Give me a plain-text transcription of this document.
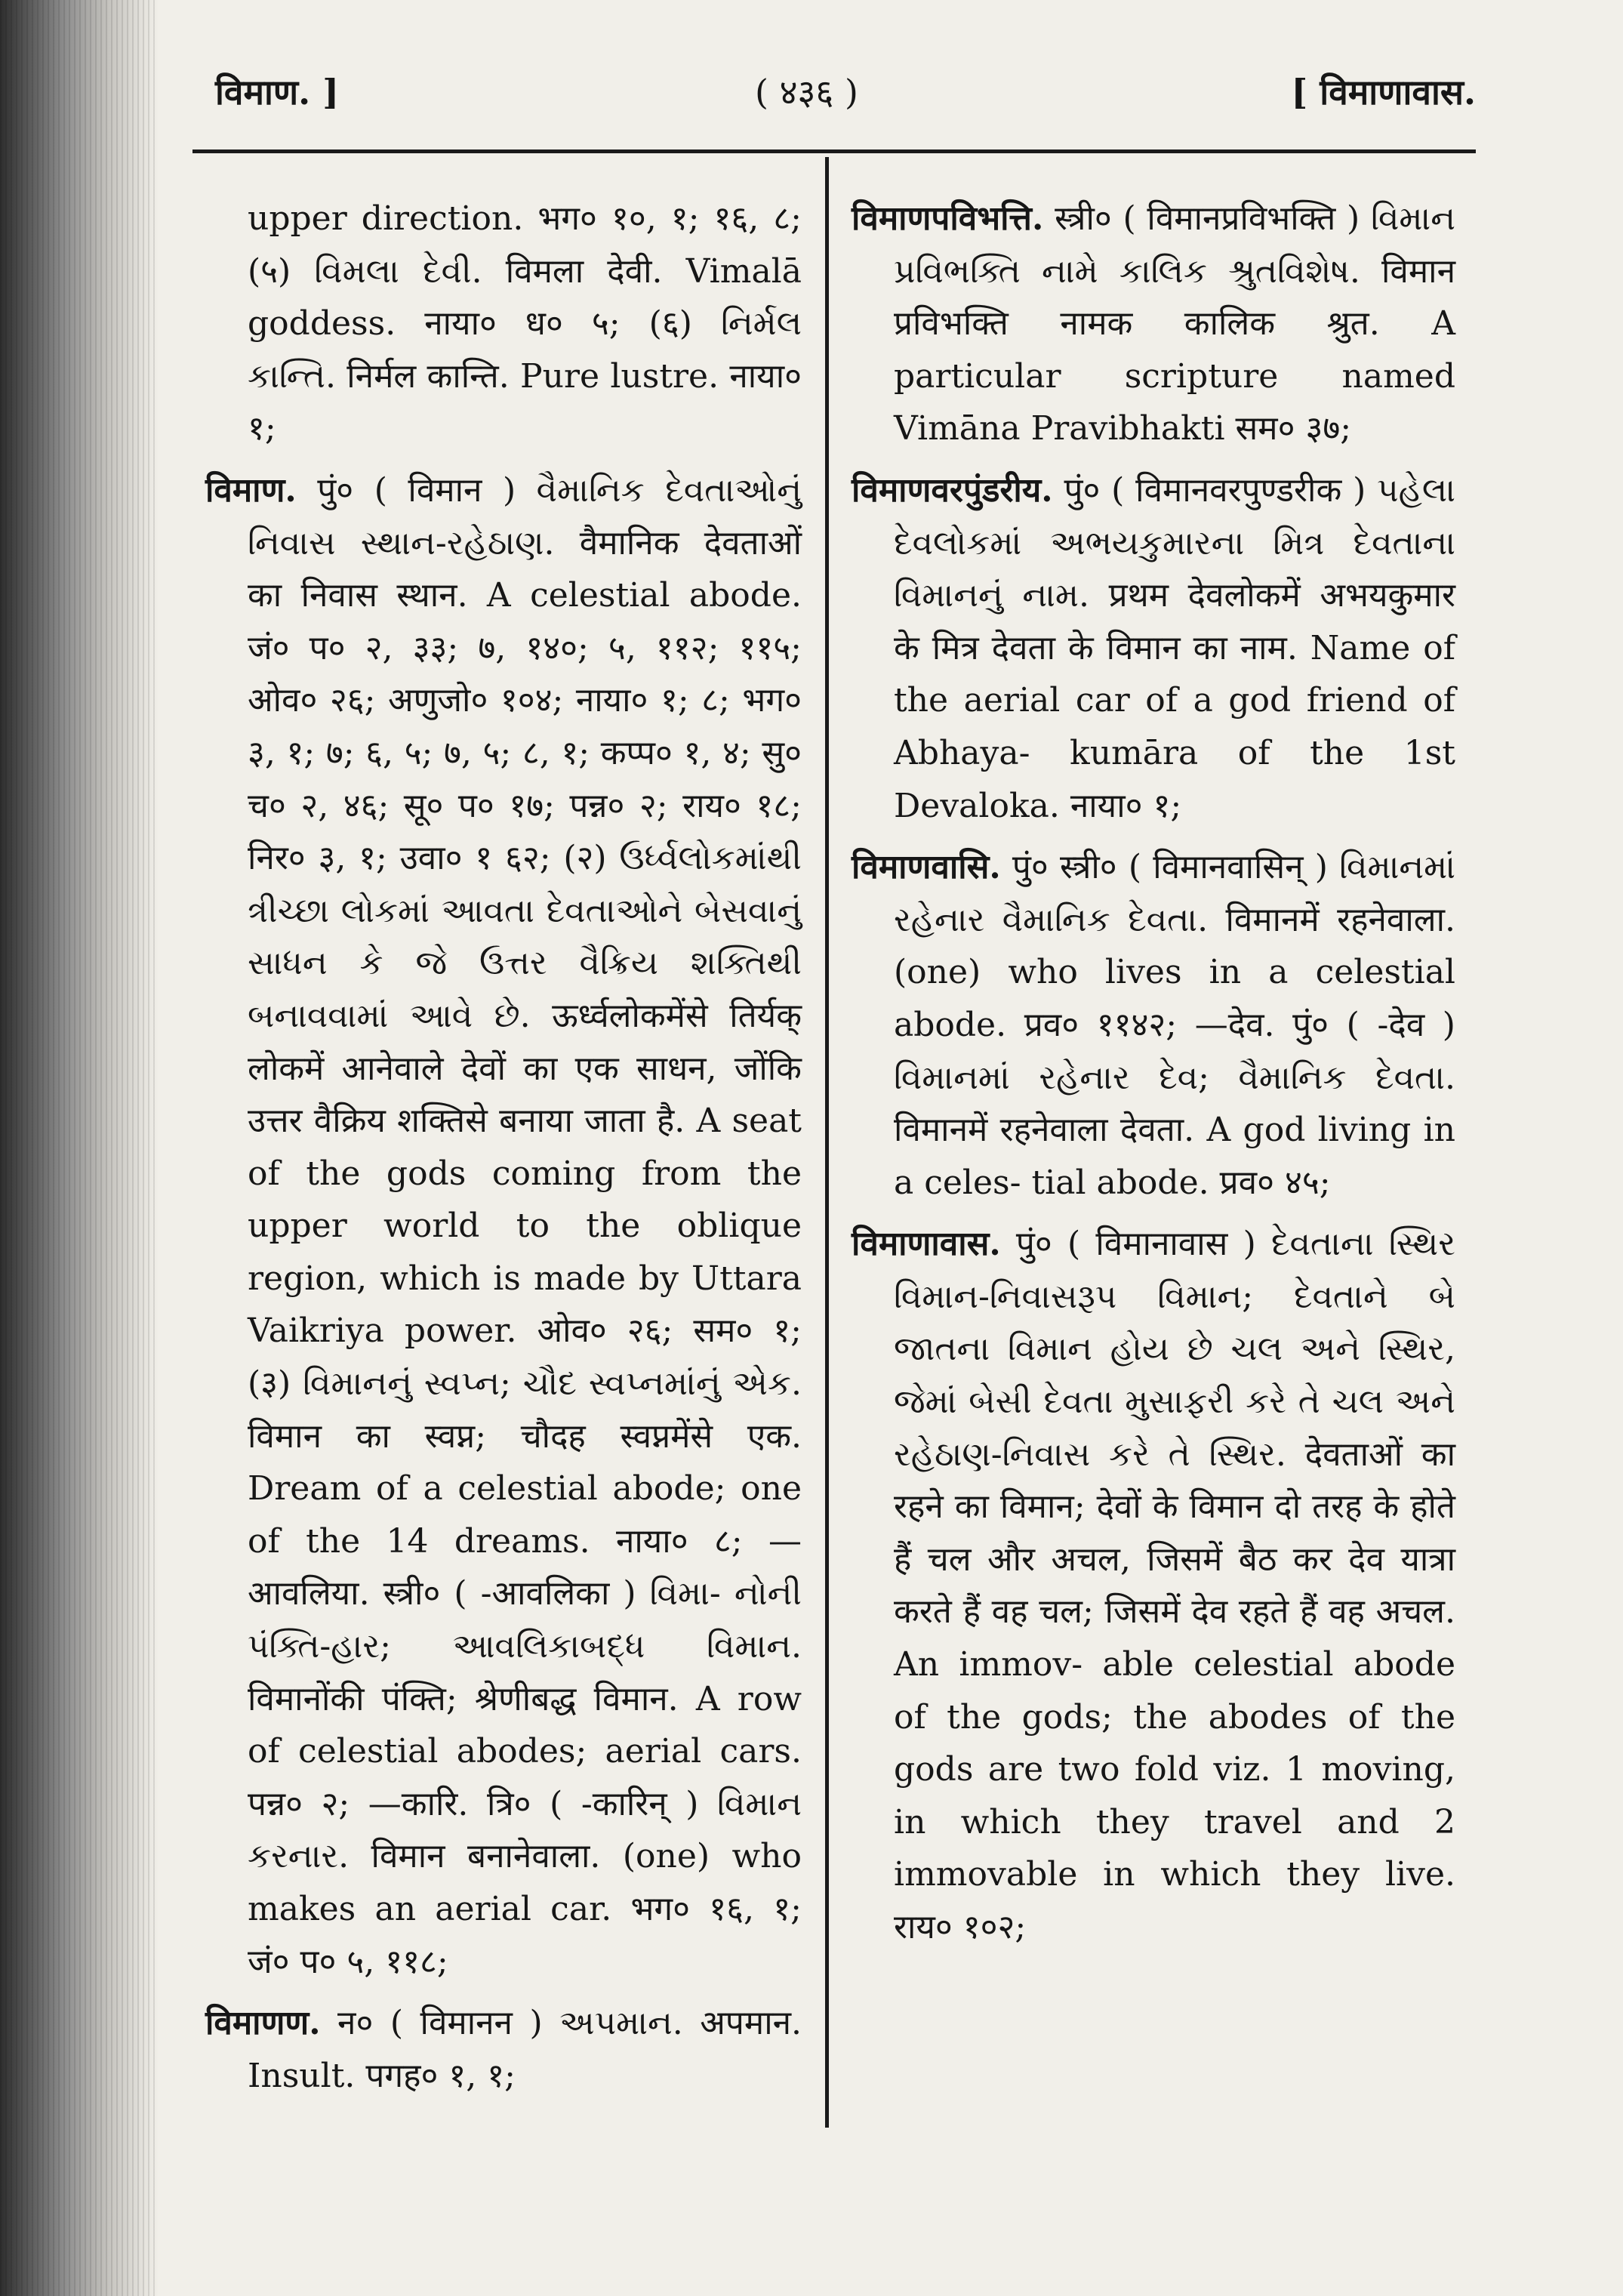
विमाण. ]	( ४३६ )	[ विमाणावास.

upper direction. भग० १०, १; १६, ८; (५) વિમલા દેવી. विमला देवी. Vimalā goddess. नाया० ध० ५; (६) નિર્મલ કાન્તિ. निर्मल कान्ति. Pure lustre. नाया० १;

विमाण. पुं० ( विमान ) વૈમાનિક દેવતાઓનું નિવાસ સ્થાન-રહેઠાણ. वैमानिक देवताओं का निवास स्थान. A celestial abode. जं० प० २, ३३; ७, १४०; ५, ११२; ११५; ओव० २६; अणुजो० १०४; नाया० १; ८; भग० ३, १; ७; ६, ५; ७, ५; ८, १; कप्प० १, ४; सु० च० २, ४६; सू० प० १७; पन्न० २; राय० १८; निर० ३, १; उवा० १ ६२; (२) ઉર્ધ્વલોકમાંથી ત્રીચ્છા લોકમાં આવતા દેવતાઓને બેસવાનું સાધન કે જે ઉત્તર વૈક્રિય શક્તિથી બનાવવામાં આવે છે. ऊर्ध्वलोकमेंसे तिर्यक् लोकमें आनेवाले देवों का एक साधन, जोंकि उत्तर वैक्रिय शक्तिसे बनाया जाता है. A seat of the gods coming from the upper world to the oblique region, which is made by Uttara Vaikriya power. ओव० २६; सम० १; (३) વિમાનનું સ્વપ્ન; ચૌદ સ્વપ્નમાંનું એક. विमान का स्वप्न; चौदह स्वप्नमेंसे एक. Dream of a celestial abode; one of the 14 dreams. नाया० ८; —आवलिया. स्त्री० ( -आवलिका ) વિમા- નોની પંક્તિ-હાર; આવલિકાબદ્ધ વિમાન. विमानोंकी पंक्ति; श्रेणीबद्ध विमान. A row of celestial abodes; aerial cars. पन्न० २; —कारि. त्रि० ( -कारिन् ) વિમાન કરનાર. विमान बनानेवाला. (one) who makes an aerial car. भग० १६, १; जं० प० ५, ११८;

विमाणण. न० ( विमानन ) અપમાન. अपमान. Insult. पगह० १, १;

विमाणपविभत्ति. स्त्री० ( विमानप्रविभक्ति ) વિમાન પ્રવિભક્તિ નામે કાલિક શ્રુતવિશેષ. विमान प्रविभक्ति नामक कालिक श्रुत. A particular scripture named Vimāna Pravibhakti सम० ३७;

विमाणवरपुंडरीय. पुं० ( विमानवरपुण्डरीक ) પહેલા દેવલોકમાં અભયકુમારના મિત્ર દેવતાના વિમાનનું નામ. प्रथम देवलोकमें अभयकुमार के मित्र देवता के विमान का नाम. Name of the aerial car of a god friend of Abhaya- kumāra of the 1st Devaloka. नाया० १;

विमाणवासि. पुं० स्त्री० ( विमानवासिन् ) વિમાનમાં રહેનાર વૈમાનિક દેવતા. विमानमें रहनेवाला. (one) who lives in a celestial abode. प्रव० ११४२; —देव. पुं० ( -देव ) વિમાનમાં રહેનાર દેવ; વૈમાનિક દેવતા. विमानमें रहनेवाला देवता. A god living in a celes- tial abode. प्रव० ४५;

विमाणावास. पुं० ( विमानावास ) દેવતાના સ્થિર વિમાન-નિવાસરૂપ વિમાન; દેવતાને બે જાતના વિમાન હોય છે ચલ અને સ્થિર, જેમાં બેસી દેવતા મુસાફરી કરે તે ચલ અને રહેઠાણ-નિવાસ કરે તે સ્થિર. देवताओं का रहने का विमान; देवों के विमान दो तरह के होते हैं चल और अचल, जिसमें बैठ कर देव यात्रा करते हैं वह चल; जिसमें देव रहते हैं वह अचल. An immov- able celestial abode of the gods; the abodes of the gods are two fold viz. 1 moving, in which they travel and 2 immovable in which they live. राय० १०२;
